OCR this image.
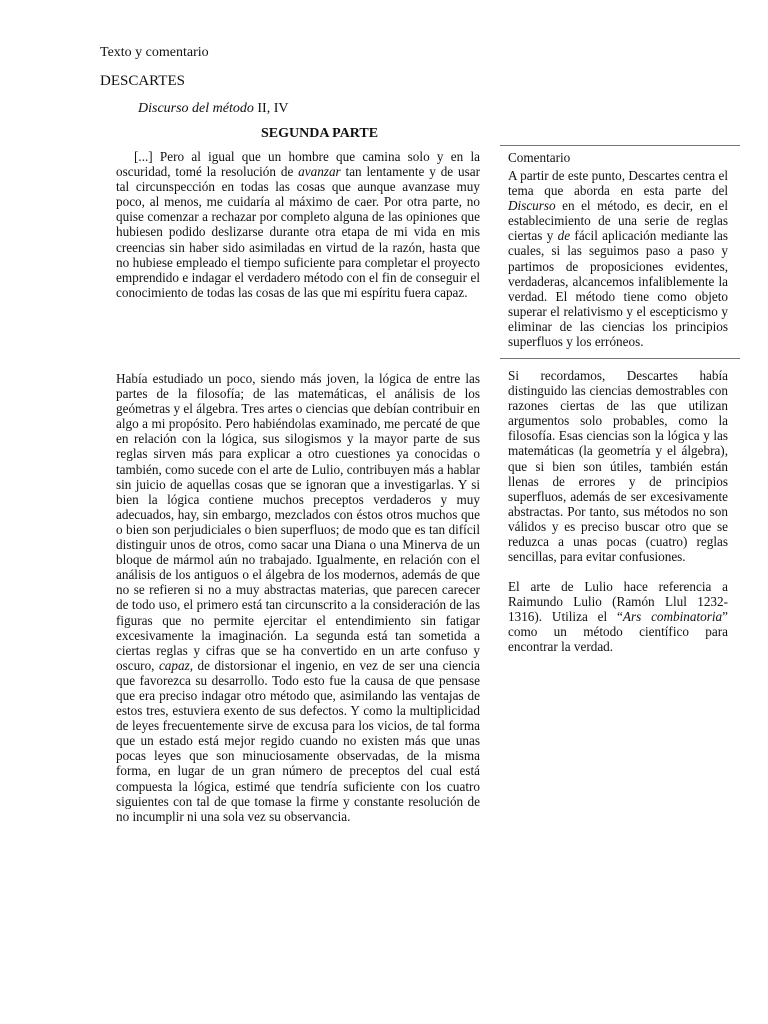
Texto y comentario
DESCARTES
Discurso del método II, IV
SEGUNDA PARTE

[...] Pero al igual que un hombre que camina solo y en la oscuridad, tomé la resolución de avanzar tan lentamente y de usar tal circunspección en todas las cosas que aunque avanzase muy poco, al menos, me cuidaría al máximo de caer. Por otra parte, no quise comenzar a rechazar por completo alguna de las opiniones que hubiesen podido deslizarse durante otra etapa de mi vida en mis creencias sin haber sido asimiladas en virtud de la razón, hasta que no hubiese empleado el tiempo suficiente para completar el proyecto emprendido e indagar el verdadero método con el fin de conseguir el conocimiento de todas las cosas de las que mi espíritu fuera capaz.

Había estudiado un poco, siendo más joven, la lógica de entre las partes de la filosofía; de las matemáticas, el análisis de los geómetras y el álgebra. Tres artes o ciencias que debían contribuir en algo a mi propósito. Pero habiéndolas examinado, me percaté de que en relación con la lógica, sus silogismos y la mayor parte de sus reglas sirven más para explicar a otro cuestiones ya conocidas o también, como sucede con el arte de Lulio, contribuyen más a hablar sin juicio de aquellas cosas que se ignoran que a investigarlas. Y si bien la lógica contiene muchos preceptos verdaderos y muy adecuados, hay, sin embargo, mezclados con éstos otros muchos que o bien son perjudiciales o bien superfluos; de modo que es tan difícil distinguir unos de otros, como sacar una Diana o una Minerva de un bloque de mármol aún no trabajado. Igualmente, en relación con el análisis de los antiguos o el álgebra de los modernos, además de que no se refieren si no a muy abstractas materias, que parecen carecer de todo uso, el primero está tan circunscrito a la consideración de las figuras que no permite ejercitar el entendimiento sin fatigar excesivamente la imaginación. La segunda está tan sometida a ciertas reglas y cifras que se ha convertido en un arte confuso y oscuro, capaz, de distorsionar el ingenio, en vez de ser una ciencia que favorezca su desarrollo. Todo esto fue la causa de que pensase que era preciso indagar otro método que, asimilando las ventajas de estos tres, estuviera exento de sus defectos. Y como la multiplicidad de leyes frecuentemente sirve de excusa para los vicios, de tal forma que un estado está mejor regido cuando no existen más que unas pocas leyes que son minuciosamente observadas, de la misma forma, en lugar de un gran número de preceptos del cual está compuesta la lógica, estimé que tendría suficiente con los cuatro siguientes con tal de que tomase la firme y constante resolución de no incumplir ni una sola vez su observancia.

Comentario

A partir de este punto, Descartes centra el tema que aborda en esta parte del Discurso en el método, es decir, en el establecimiento de una serie de reglas ciertas y de fácil aplicación mediante las cuales, si las seguimos paso a paso y partimos de proposiciones evidentes, verdaderas, alcancemos infaliblemente la verdad. El método tiene como objeto superar el relativismo y el escepticismo y eliminar de las ciencias los principios superfluos y los erróneos.

Si recordamos, Descartes había distinguido las ciencias demostrables con razones ciertas de las que utilizan argumentos solo probables, como la filosofía. Esas ciencias son la lógica y las matemáticas (la geometría y el álgebra), que si bien son útiles, también están llenas de errores y de principios superfluos, además de ser excesivamente abstractas. Por tanto, sus métodos no son válidos y es preciso buscar otro que se reduzca a unas pocas (cuatro) reglas sencillas, para evitar confusiones.

El arte de Lulio hace referencia a Raimundo Lulio (Ramón Llul 1232-1316). Utiliza el “Ars combinatoria” como un método científico para encontrar la verdad.
